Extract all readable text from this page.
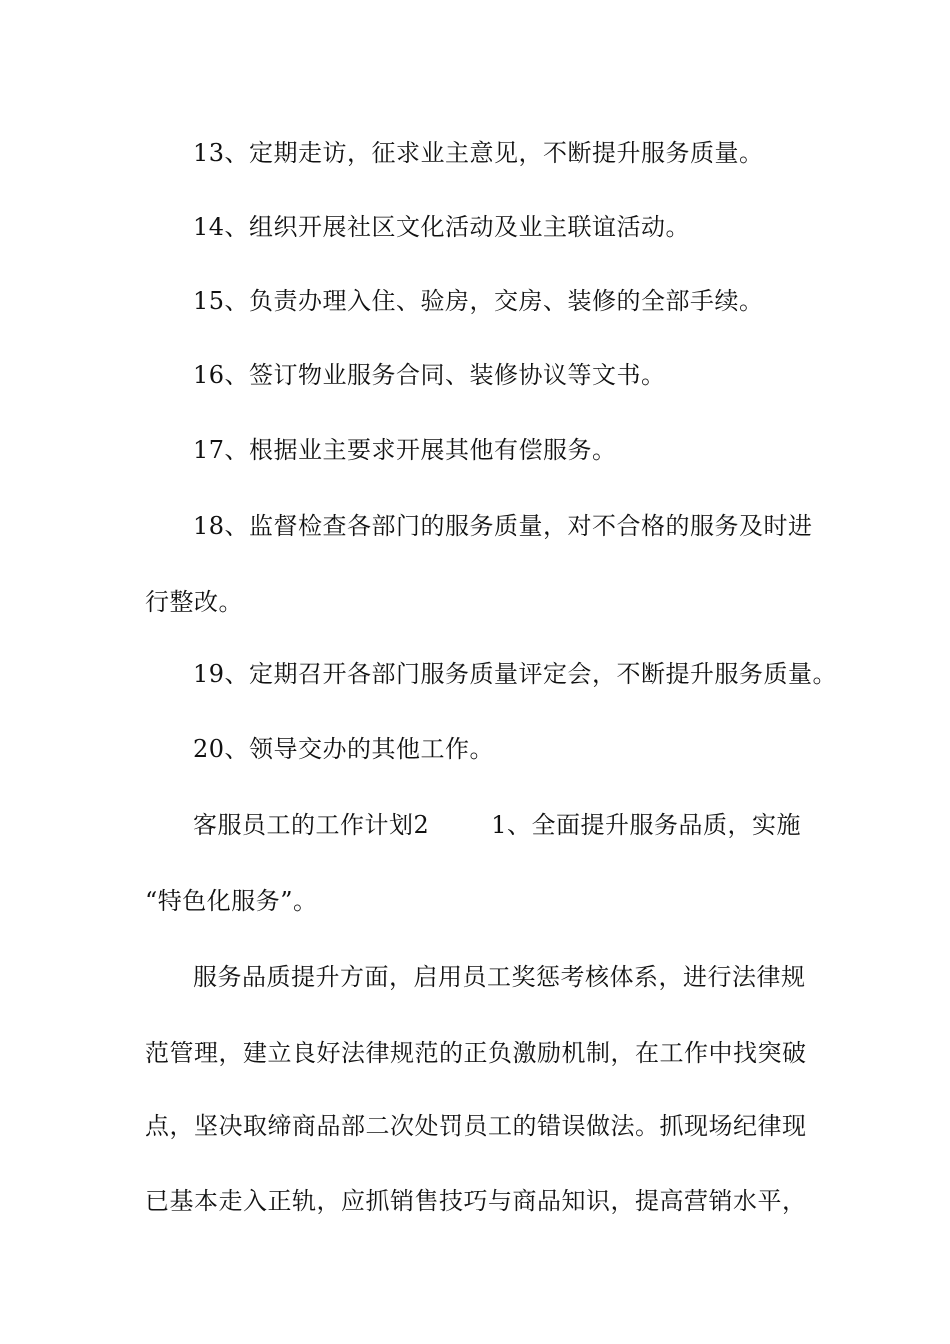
13、定期走访，征求业主意见，不断提升服务质量。
14、组织开展社区文化活动及业主联谊活动。
15、负责办理入住、验房，交房、装修的全部手续。
16、签订物业服务合同、装修协议等文书。
17、根据业主要求开展其他有偿服务。
18、监督检查各部门的服务质量，对不合格的服务及时进
行整改。
19、定期召开各部门服务质量评定会，不断提升服务质量。
20、领导交办的其他工作。
客服员工的工作计划2	1、全面提升服务品质，实施
“特色化服务”。
服务品质提升方面，启用员工奖惩考核体系，进行法律规
范管理，建立良好法律规范的正负激励机制，在工作中找突破
点，坚决取缔商品部二次处罚员工的错误做法。抓现场纪律现
已基本走入正轨，应抓销售技巧与商品知识，提高营销水平，
